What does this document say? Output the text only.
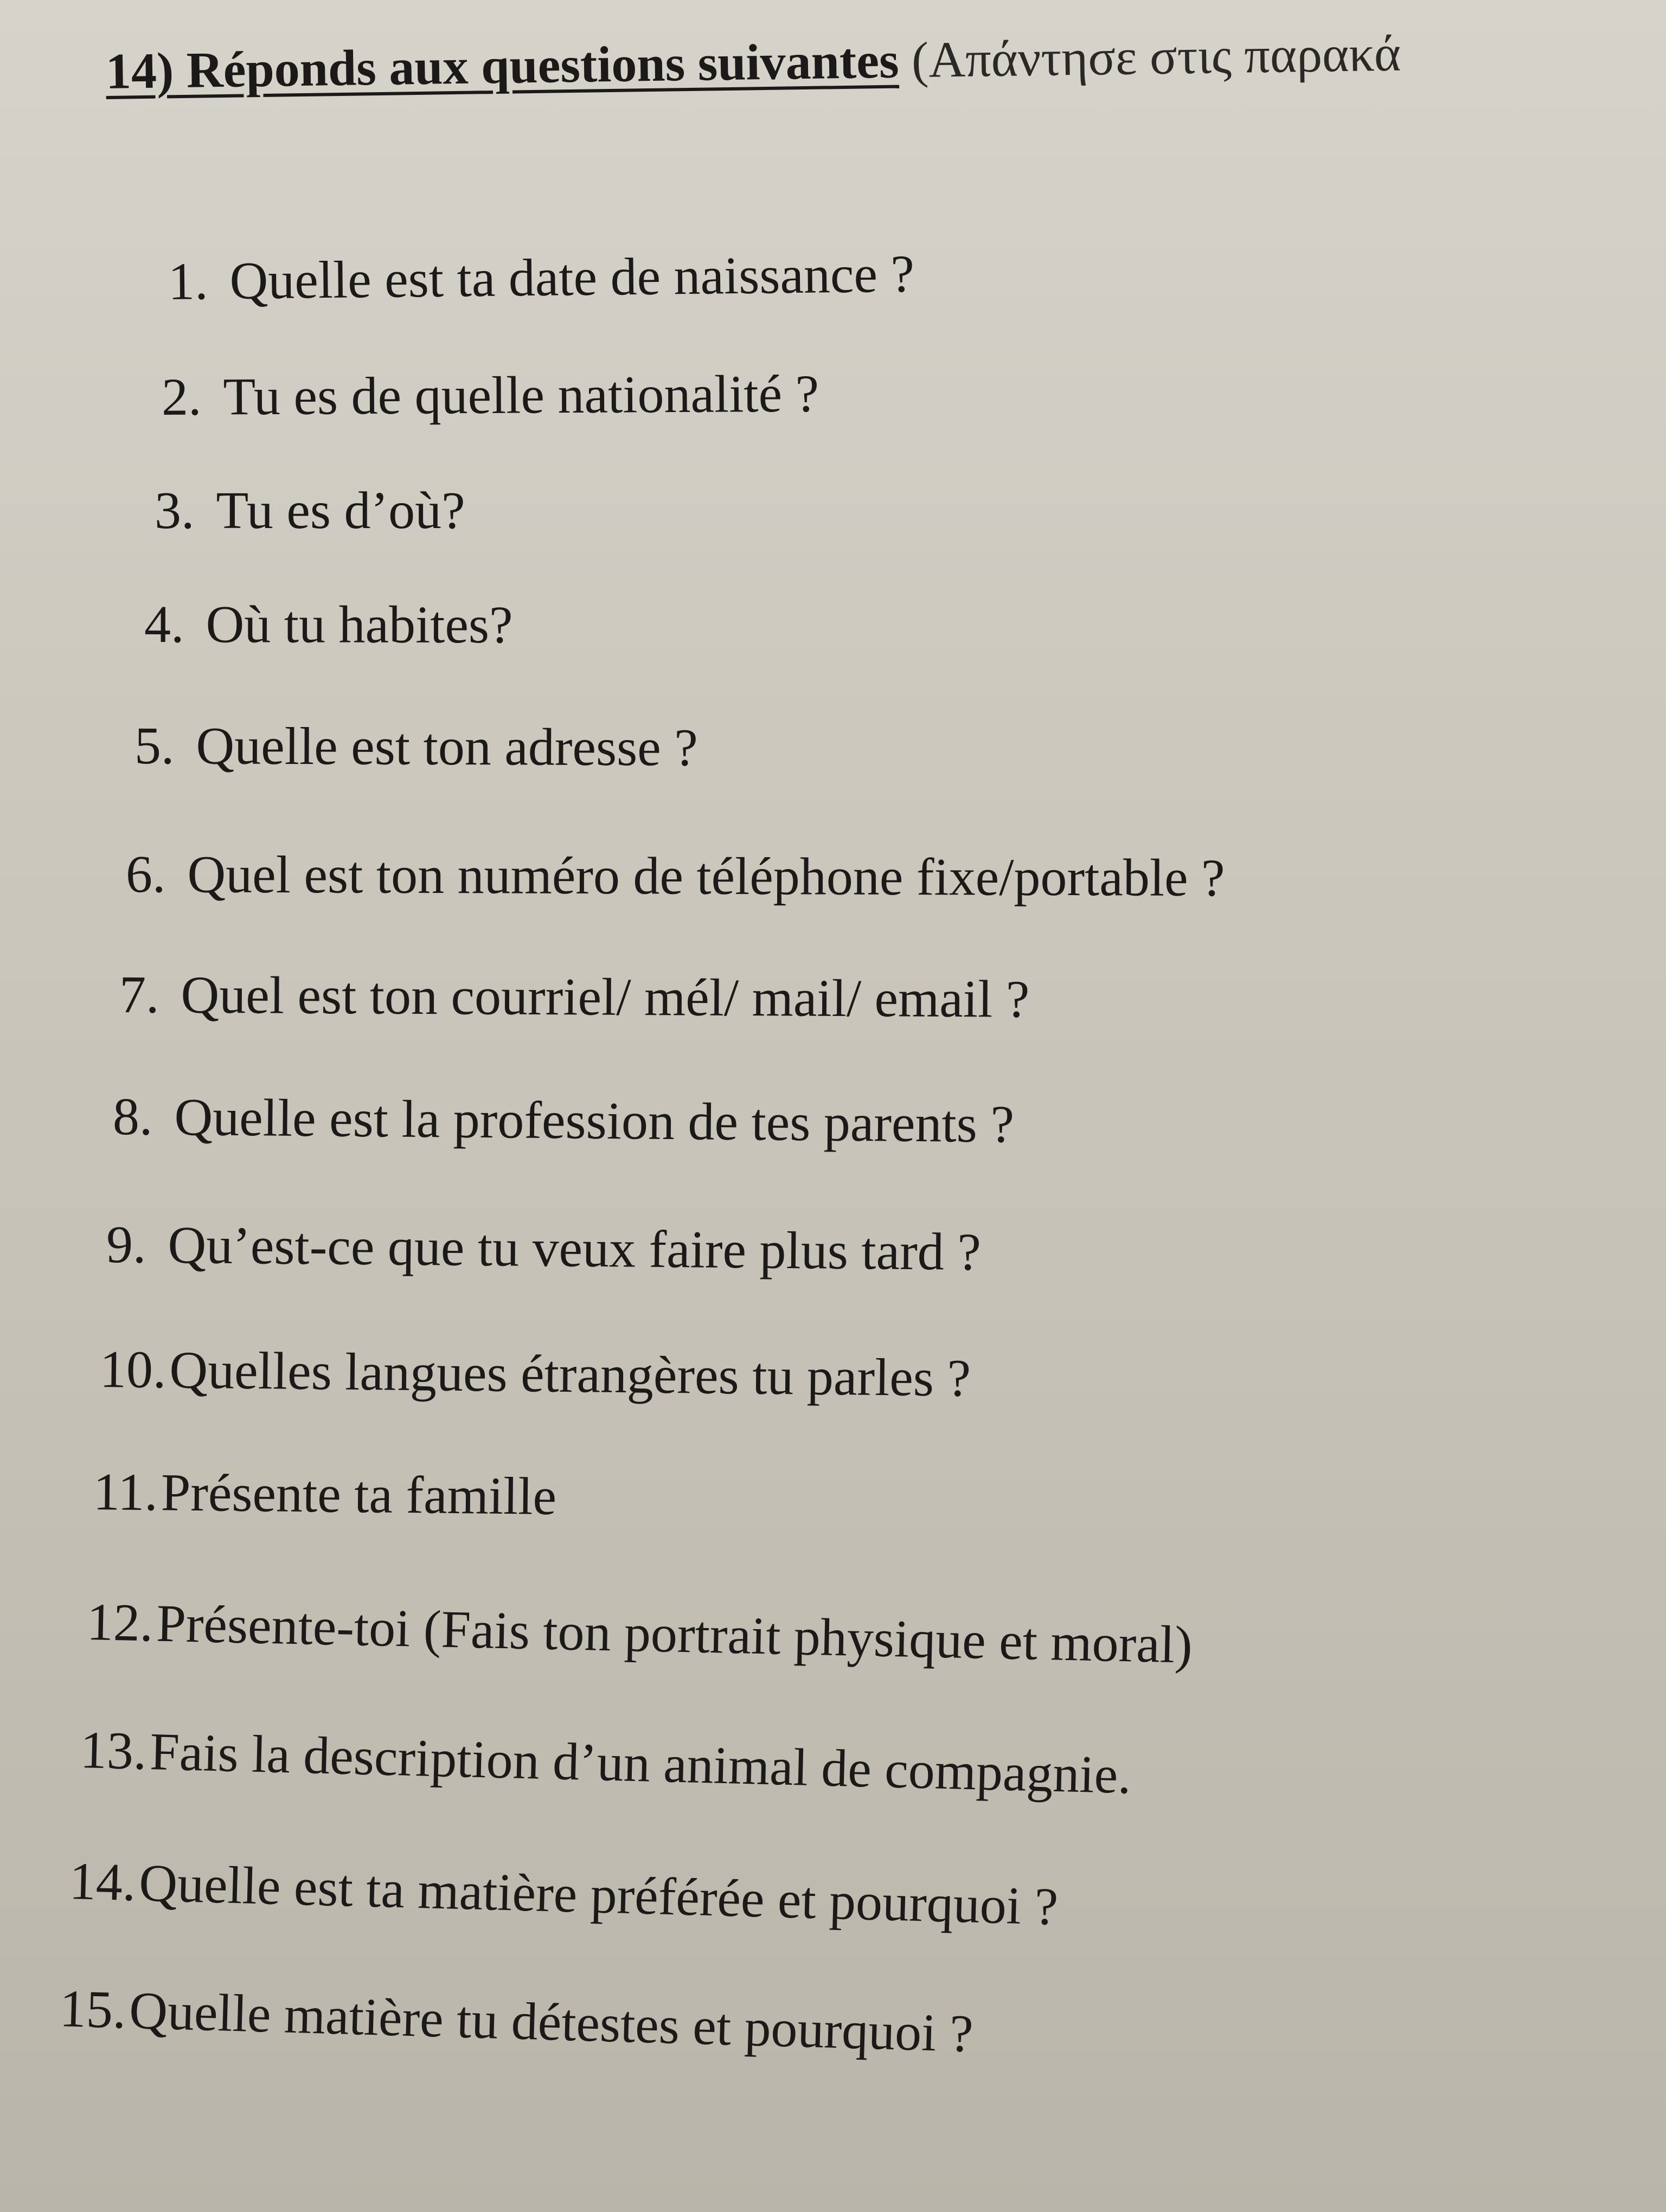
14) Réponds aux questions suivantes (Απάντησε στις παρακά
1. Quelle est ta date de naissance ?
2. Tu es de quelle nationalité ?
3. Tu es d’où?
4. Où tu habites?
5. Quelle est ton adresse ?
6. Quel est ton numéro de téléphone fixe/portable ?
7. Quel est ton courriel/ mél/ mail/ email ?
8. Quelle est la profession de tes parents ?
9. Qu’est-ce que tu veux faire plus tard ?
10.Quelles langues étrangères tu parles ?
11.Présente ta famille
12.Présente-toi (Fais ton portrait physique et moral)
13.Fais la description d’un animal de compagnie.
14.Quelle est ta matière préférée et pourquoi ?
15.Quelle matière tu détestes et pourquoi ?
